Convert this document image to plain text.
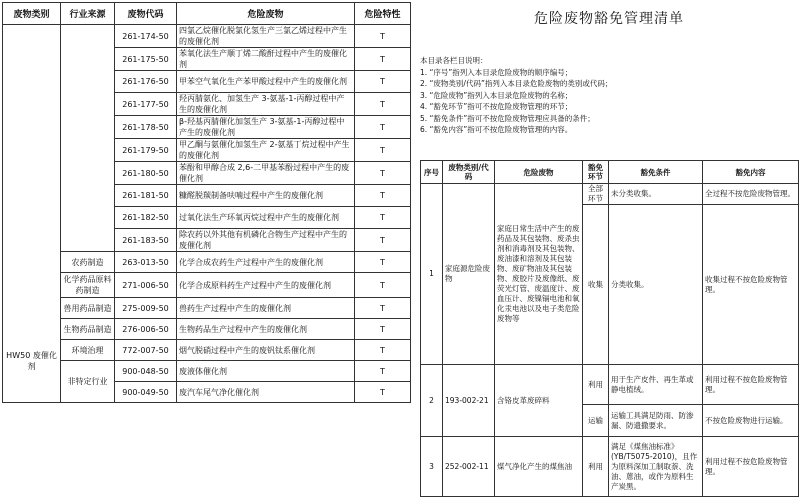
废物类别	行业来源	废物代码	危险废物	危险特性
HW50 废催化剂		261-174-50	四氯乙烷催化脱氯化氢生产三氯乙烯过程中产生的废催化剂	T
		261-175-50	苯氧化法生产顺丁烯二酸酐过程中产生的废催化剂	T
		261-176-50	甲苯空气氧化生产苯甲酸过程中产生的废催化剂	T
		261-177-50	羟丙腈氨化、加氢生产 3-氨基-1-丙醇过程中产生的废催化剂	T
		261-178-50	β-羟基丙腈催化加氢生产 3-氨基-1-丙醇过程中产生的废催化剂	T
		261-179-50	甲乙酮与氨催化加氢生产 2-氨基丁烷过程中产生的废催化剂	T
		261-180-50	苯酚和甲醇合成 2,6-二甲基苯酚过程中产生的废催化剂	T
		261-181-50	糠醛脱羰制备呋喃过程中产生的废催化剂	T
		261-182-50	过氧化法生产环氧丙烷过程中产生的废催化剂	T
		261-183-50	除农药以外其他有机磷化合物生产过程中产生的废催化剂	T
	农药制造	263-013-50	化学合成农药生产过程中产生的废催化剂	T
	化学药品原料药制造	271-006-50	化学合成原料药生产过程中产生的废催化剂	T
	兽用药品制造	275-009-50	兽药生产过程中产生的废催化剂	T
	生物药品制造	276-006-50	生物药品生产过程中产生的废催化剂	T
	环境治理	772-007-50	烟气脱硝过程中产生的废钒钛系催化剂	T
	非特定行业	900-048-50	废液体催化剂	T
		900-049-50	废汽车尾气净化催化剂	T
危险废物豁免管理清单
本目录各栏目说明：
1. “序号”指列入本目录危险废物的顺序编号；
2. “废物类别/代码”指列入本目录危险废物的类别或代码；
3. “危险废物”指列入本目录危险废物的名称；
4. “豁免环节”指可不按危险废物管理的环节；
5. “豁免条件”指可不按危险废物管理应具备的条件；
6. “豁免内容”指可不按危险废物管理的内容。
序号	废物类别/代码	危险废物	豁免环节	豁免条件	豁免内容
1	家庭源危险废物	家庭日常生活中产生的废药品及其包装物、废杀虫剂和消毒剂及其包装物、废油漆和溶剂及其包装物、废矿物油及其包装物、废胶片及废像纸、废荧光灯管、废温度计、废血压计、废镍镉电池和氧化汞电池以及电子类危险废物等	全部环节	未分类收集。	全过程不按危险废物管理。
			收集	分类收集。	收集过程不按危险废物管理。
2	193-002-21	含铬皮革废碎料	利用	用于生产皮件、再生革或静电植绒。	利用过程不按危险废物管理。
			运输	运输工具满足防雨、防渗漏、防遗撒要求。	不按危险废物进行运输。
3	252-002-11	煤气净化产生的煤焦油	利用	满足《煤焦油标准》(YB/T5075-2010)，且作为原料深加工制取萘、洗油、蒽油，或作为原料生产炭黑。	利用过程不按危险废物管理。
